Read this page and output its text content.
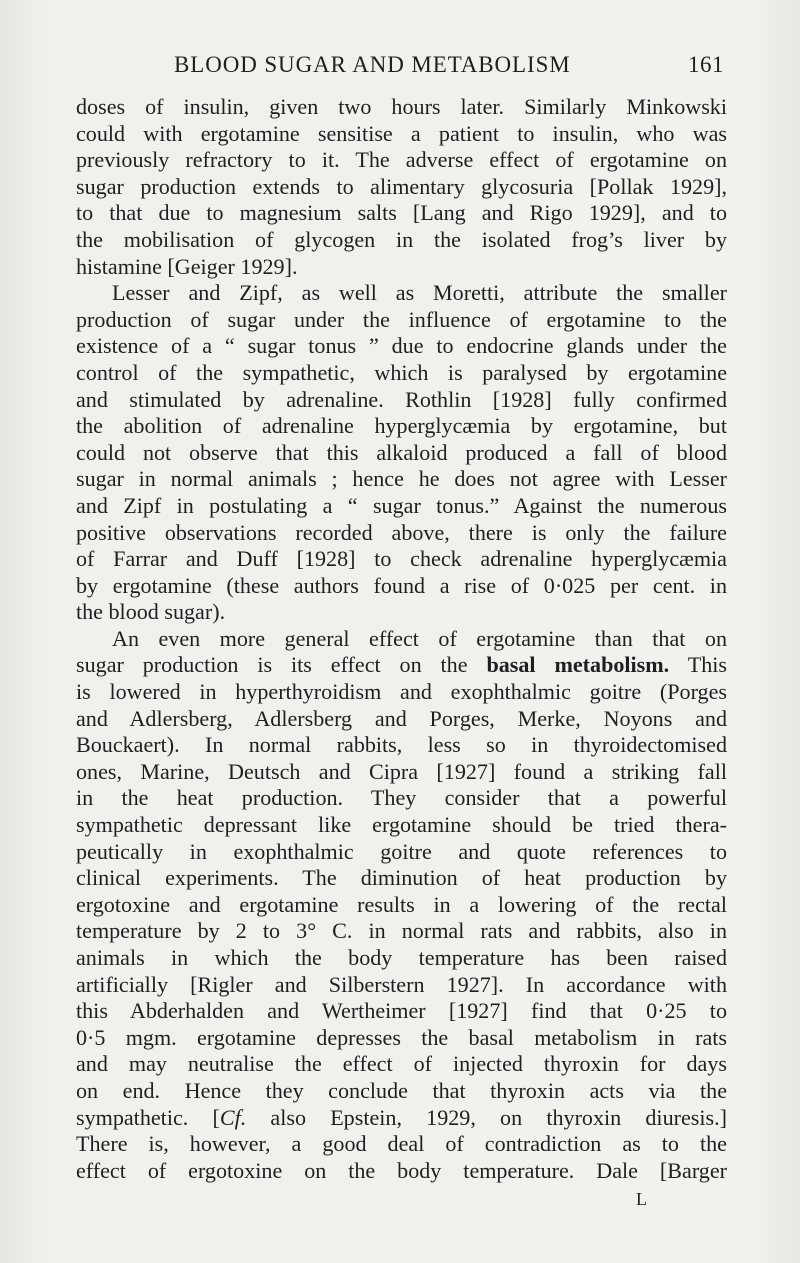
BLOOD SUGAR AND METABOLISM	161

doses of insulin, given two hours later. Similarly Minkowski
could with ergotamine sensitise a patient to insulin, who was
previously refractory to it. The adverse effect of ergotamine on
sugar production extends to alimentary glycosuria [Pollak 1929],
to that due to magnesium salts [Lang and Rigo 1929], and to
the mobilisation of glycogen in the isolated frog’s liver by
histamine [Geiger 1929].

Lesser and Zipf, as well as Moretti, attribute the smaller
production of sugar under the influence of ergotamine to the
existence of a “ sugar tonus ” due to endocrine glands under the
control of the sympathetic, which is paralysed by ergotamine
and stimulated by adrenaline. Rothlin [1928] fully confirmed
the abolition of adrenaline hyperglycæmia by ergotamine, but
could not observe that this alkaloid produced a fall of blood
sugar in normal animals ; hence he does not agree with Lesser
and Zipf in postulating a “ sugar tonus.” Against the numerous
positive observations recorded above, there is only the failure
of Farrar and Duff [1928] to check adrenaline hyperglycæmia
by ergotamine (these authors found a rise of 0·025 per cent. in
the blood sugar).

An even more general effect of ergotamine than that on
sugar production is its effect on the basal metabolism. This
is lowered in hyperthyroidism and exophthalmic goitre (Porges
and Adlersberg, Adlersberg and Porges, Merke, Noyons and
Bouckaert). In normal rabbits, less so in thyroidectomised
ones, Marine, Deutsch and Cipra [1927] found a striking fall
in the heat production. They consider that a powerful
sympathetic depressant like ergotamine should be tried thera-
peutically in exophthalmic goitre and quote references to
clinical experiments. The diminution of heat production by
ergotoxine and ergotamine results in a lowering of the rectal
temperature by 2 to 3° C. in normal rats and rabbits, also in
animals in which the body temperature has been raised
artificially [Rigler and Silberstern 1927]. In accordance with
this Abderhalden and Wertheimer [1927] find that 0·25 to
0·5 mgm. ergotamine depresses the basal metabolism in rats
and may neutralise the effect of injected thyroxin for days
on end. Hence they conclude that thyroxin acts via the
sympathetic. [Cf. also Epstein, 1929, on thyroxin diuresis.]
There is, however, a good deal of contradiction as to the
effect of ergotoxine on the body temperature. Dale [Barger

L
